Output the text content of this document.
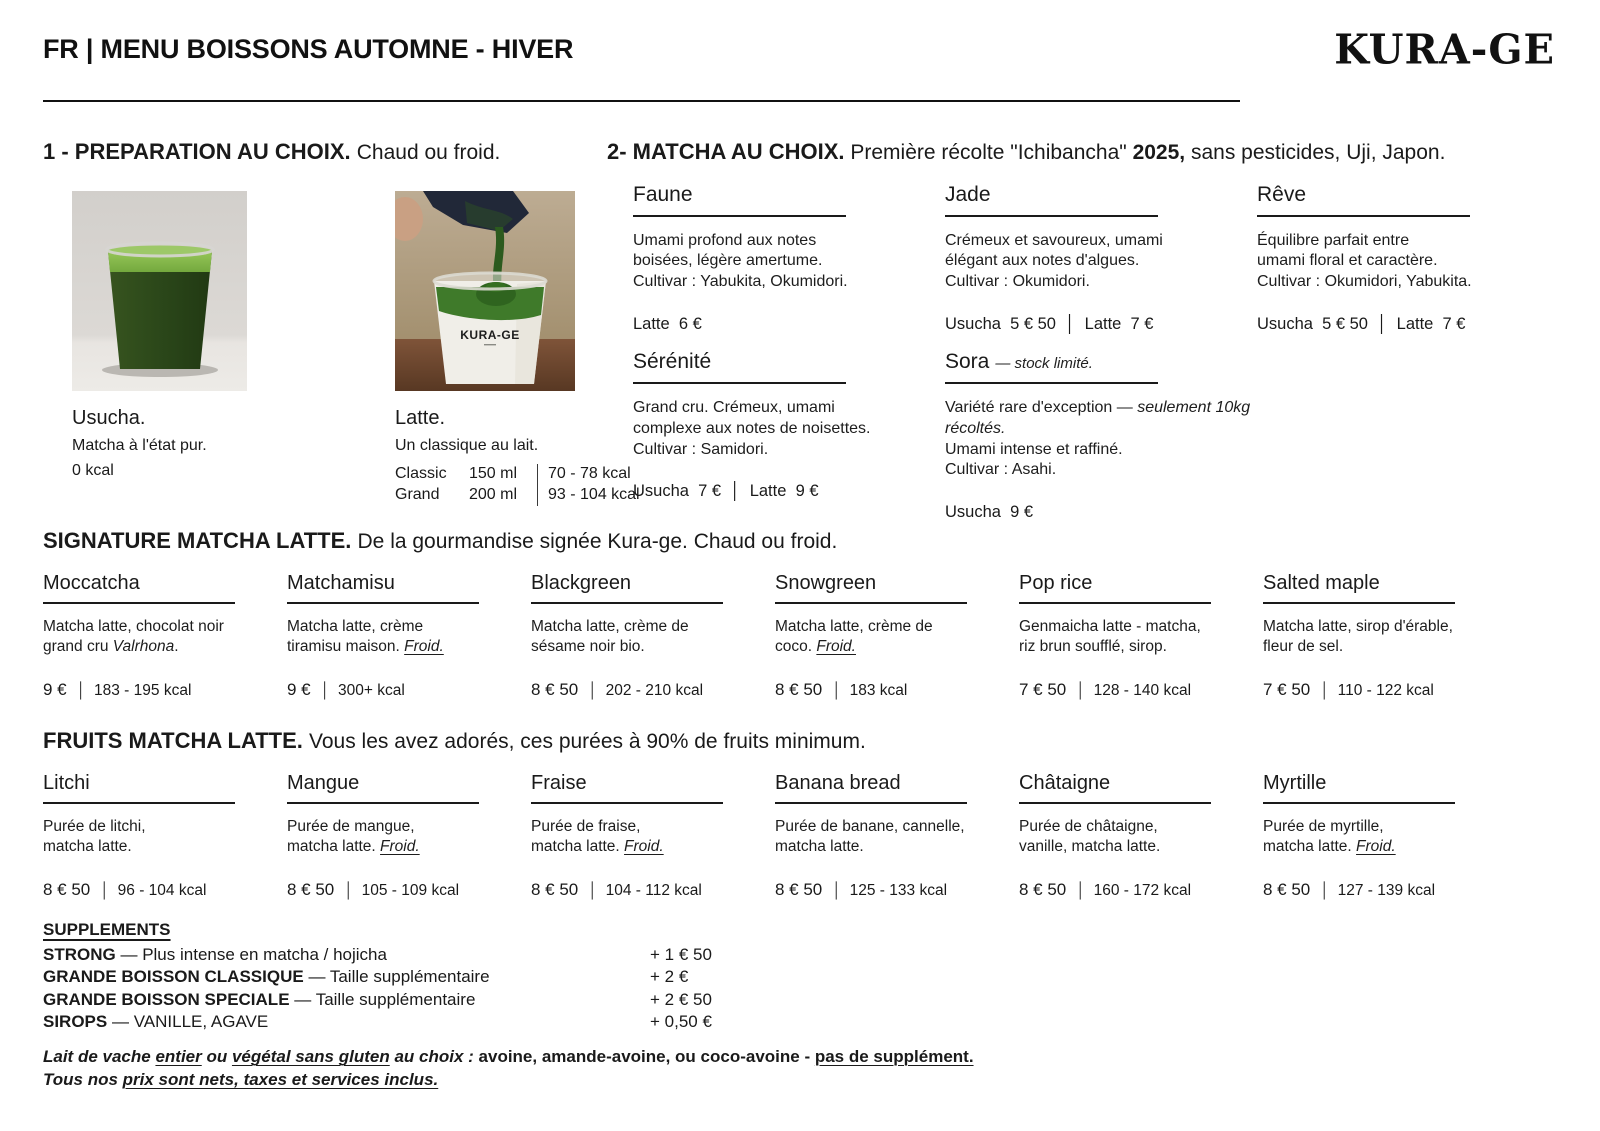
FR | MENU BOISSONS AUTOMNE - HIVER	KURA-GE
1 - PREPARATION AU CHOIX. Chaud ou froid.
Usucha.
Matcha à l'état pur.
0 kcal
KURA-GE
Latte.
Un classique au lait.
Classic	150 ml	70 - 78 kcal
Grand	200 ml	93 - 104 kcal
2- MATCHA AU CHOIX. Première récolte "Ichibancha" 2025, sans pesticides, Uji, Japon.
Faune
Umami profond aux notes
boisées, légère amertume.
Cultivar : Yabukita, Okumidori.
Latte  6 €
Jade
Crémeux et savoureux, umami
élégant aux notes d'algues.
Cultivar : Okumidori.
Usucha  5 € 50  │  Latte  7 €
Rêve
Équilibre parfait entre
umami floral et caractère.
Cultivar : Okumidori, Yabukita.
Usucha  5 € 50  │  Latte  7 €
Sérénité
Grand cru. Crémeux, umami
complexe aux notes de noisettes.
Cultivar : Samidori.
Usucha  7 €  │  Latte  9 €
Sora — stock limité.
Variété rare d'exception — seulement 10kg récoltés.
Umami intense et raffiné.
Cultivar : Asahi.
Usucha  9 €
SIGNATURE MATCHA LATTE. De la gourmandise signée Kura-ge. Chaud ou froid.
Moccatcha
Matcha latte, chocolat noir
grand cru Valrhona.
9 € │ 183 - 195 kcal
Matchamisu
Matcha latte, crème
tiramisu maison. Froid.
9 € │ 300+ kcal
Blackgreen
Matcha latte, crème de
sésame noir bio.
8 € 50 │ 202 - 210 kcal
Snowgreen
Matcha latte, crème de
coco. Froid.
8 € 50 │ 183 kcal
Pop rice
Genmaicha latte - matcha,
riz brun soufflé, sirop.
7 € 50 │ 128 - 140 kcal
Salted maple
Matcha latte, sirop d'érable,
fleur de sel.
7 € 50 │ 110 - 122 kcal
FRUITS MATCHA LATTE. Vous les avez adorés, ces purées à 90% de fruits minimum.
Litchi
Purée de litchi,
matcha latte.
8 € 50 │ 96 - 104 kcal
Mangue
Purée de mangue,
matcha latte. Froid.
8 € 50 │ 105 - 109 kcal
Fraise
Purée de fraise,
matcha latte. Froid.
8 € 50 │ 104 - 112 kcal
Banana bread
Purée de banane, cannelle,
matcha latte.
8 € 50 │ 125 - 133 kcal
Châtaigne
Purée de châtaigne,
vanille, matcha latte.
8 € 50 │ 160 - 172 kcal
Myrtille
Purée de myrtille,
matcha latte. Froid.
8 € 50 │ 127 - 139 kcal
SUPPLEMENTS
STRONG — Plus intense en matcha / hojicha	+ 1 € 50
GRANDE BOISSON CLASSIQUE — Taille supplémentaire	+ 2 €
GRANDE BOISSON SPECIALE — Taille supplémentaire	+ 2 € 50
SIROPS — VANILLE, AGAVE	+ 0,50 €
Lait de vache entier ou végétal sans gluten au choix : avoine, amande-avoine, ou coco-avoine - pas de supplément.
Tous nos prix sont nets, taxes et services inclus.
